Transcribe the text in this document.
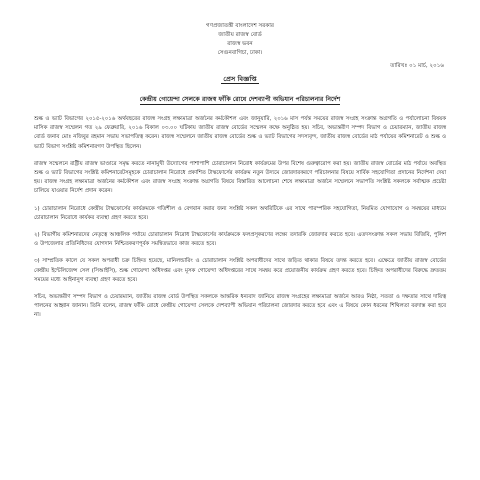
গণপ্রজাতন্ত্রী বাংলাদেশ সরকার
জাতীয় রাজস্ব বোর্ড
রাজস্ব ভবন
সেগুনবাগিচা, ঢাকা।
তারিখঃ ০১ মার্চ, ২০১৬
প্রেস বিজ্ঞপ্তি
কেন্দ্রীয় গোয়েন্দা সেলকে রাজস্ব ফাঁকি রোধে দেশব্যাপী অভিযান পরিচালনার নির্দেশ

শুল্ক ও ভ্যাট বিভাগের ২০১৫-২০১৬ অর্থবছরের রাজস্ব সংগ্রহ লক্ষ্যমাত্রা অর্জনের কর্মকৌশল এবং জানুয়ারি, ২০১৬ মাস পর্যন্ত সময়ের রাজস্ব সংগ্রহ সংক্রান্ত অগ্রগতি ও পর্যালোচনা বিষয়ক মাসিক রাজস্ব সম্মেলন গত ২৯ ফেব্রুয়ারি, ২০১৬ বিকাল ০৩.০০ ঘটিকায় জাতীয় রাজস্ব বোর্ডের সম্মেলন কক্ষে অনুষ্ঠিত হয়। সচিব, অভ্যন্তরীণ সম্পদ বিভাগ ও চেয়ারম্যান, জাতীয় রাজস্ব বোর্ড জনাব মোঃ নজিবুর রহমান সভায় সভাপতিত্ব করেন। রাজস্ব সম্মেলনে জাতীয় রাজস্ব বোর্ডের শুল্ক ও ভ্যাট বিভাগের সদস্যবৃন্দ, জাতীয় রাজস্ব বোর্ডের মাঠ পর্যায়ের কমিশনারেট ও শুল্ক ও ভ্যাট বিভাগ সংশ্লিষ্ট কমিশনারগণ উপস্থিত ছিলেন।

রাজস্ব সম্মেলনে রাষ্ট্রীয় রাজস্ব ভাণ্ডারে সমৃদ্ধ করতে নানামুখী উদ্যোগের পাশাপাশি চোরাচালান নিরোধ কার্যক্রমের উপর বিশেষ গুরুত্বারোপ করা হয়। জাতীয় রাজস্ব বোর্ডের মাঠ পর্যায়ে অবস্থিত শুল্ক ও ভ্যাট বিভাগের সংশ্লিষ্ট কমিশনারেটসমূহকে চোরাচালান নিরোধে প্রকাশিত টাস্কফোর্সের কার্যক্রম নতুন উদ্যমে জোরদারকরণে পরিচালনার বিষয়ে সার্বিক সহযোগিতা প্রদানের নির্দেশনা দেয়া হয়। রাজস্ব সংগ্রহ লক্ষ্যমাত্রা অর্জনের কর্মকৌশল এবং রাজস্ব সংগ্রহ সংক্রান্ত অগ্রগতি বিষয়ে বিস্তারিত আলোচনা শেষে লক্ষ্যমাত্রা অর্জনে সম্মেলনে সভাপতি সংশ্লিষ্ট সকলকে সর্বাত্মক প্রচেষ্টা চালিয়ে যাওয়ার নির্দেশ প্রদান করেন।

১) চোরাচালান নিরোধে কেন্দ্রীয় টাস্কফোর্সের কার্যক্রমকে গতিশীল ও বেগবান করার জন্য সংশ্লিষ্ট সকল অথরিটিকে এর সাথে পারস্পরিক সহযোগিতা, নিয়মিত যোগাযোগ ও সমন্বয়ের মাধ্যমে চোরাচালান নিরোধে কার্যকর ব্যবস্থা গ্রহণ করতে হবে।

২) বিভাগীয় কমিশনারদের নেতৃত্বে আঞ্চলিক পর্যায়ে চোরাচালান নিরোধ টাস্কফোর্সের কার্যক্রমকে ফলপ্রসূকরণের লক্ষ্যে তদারকি জোরদার করতে হবে। এতদসংক্রান্ত সকল সভায় বিজিবি, পুলিশ ও উপজেলার প্রতিনিধিদের যোগদান নিশ্চিতকরণপূর্বক সমন্বিতভাবে কাজ করতে হবে।

৩) সাম্প্রতিক কালে যে সকল অপরাধী চক্র চিহ্নিত হয়েছে, মানিলন্ডারিং ও চোরাচালান সংশ্লিষ্ট অপরাধীদের সাথে জড়িত থাকার বিষয়ে তদন্ত করতে হবে। এক্ষেত্রে জাতীয় রাজস্ব বোর্ডের কেন্দ্রীয় ইন্টেলিজেন্স সেল (সিআইসি), শুল্ক গোয়েন্দা অধিদপ্তর এবং মূসক গোয়েন্দা অধিদপ্তরের সাথে সমন্বয় করে প্রয়োজনীয় কার্যক্রম গ্রহণ করতে হবে। চিহ্নিত অপরাধীদের বিরুদ্ধে দ্রুততম সময়ের মধ্যে আইনানুগ ব্যবস্থা গ্রহণ করতে হবে।

সচিব, অভ্যন্তরীণ সম্পদ বিভাগ ও চেয়ারম্যান, জাতীয় রাজস্ব বোর্ড উপস্থিত সকলকে আন্তরিক ধন্যবাদ জানিয়ে রাজস্ব সংগ্রহের লক্ষ্যমাত্রা অর্জনে আরও নিষ্ঠা, সততা ও দক্ষতার সাথে দায়িত্ব পালনের আহ্বান জানান। তিনি বলেন, রাজস্ব ফাঁকি রোধে কেন্দ্রীয় গোয়েন্দা সেলকে দেশব্যাপী অভিযান পরিচালনা জোরদার করতে হবে এবং এ বিষয়ে কোন ধরনের শিথিলতা বরদাস্ত করা হবে না।
